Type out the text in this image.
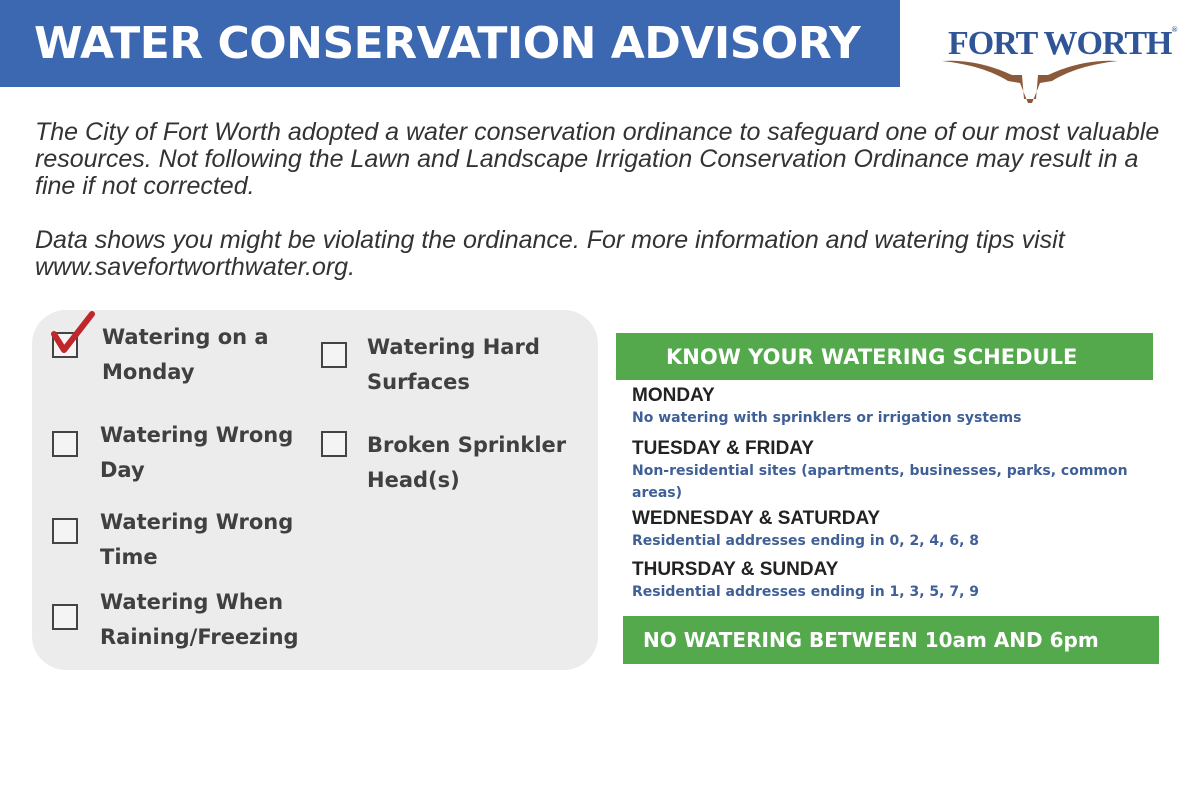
WATER CONSERVATION ADVISORY	FORT WORTH®

The City of Fort Worth adopted a water conservation ordinance to safeguard one of our most valuable resources. Not following the Lawn and Landscape Irrigation Conservation Ordinance may result in a fine if not corrected.

Data shows you might be violating the ordinance. For more information and watering tips visit www.savefortworthwater.org.

Watering on a
Monday
Watering Wrong
Day
Watering Wrong
Time
Watering When
Raining/Freezing
Watering Hard
Surfaces
Broken Sprinkler
Head(s)
KNOW YOUR WATERING SCHEDULE
MONDAY
No watering with sprinklers or irrigation systems
TUESDAY & FRIDAY
Non-residential sites (apartments, businesses, parks, common areas)
WEDNESDAY & SATURDAY
Residential addresses ending in 0, 2, 4, 6, 8
THURSDAY & SUNDAY
Residential addresses ending in 1, 3, 5, 7, 9
NO WATERING BETWEEN 10am AND 6pm
